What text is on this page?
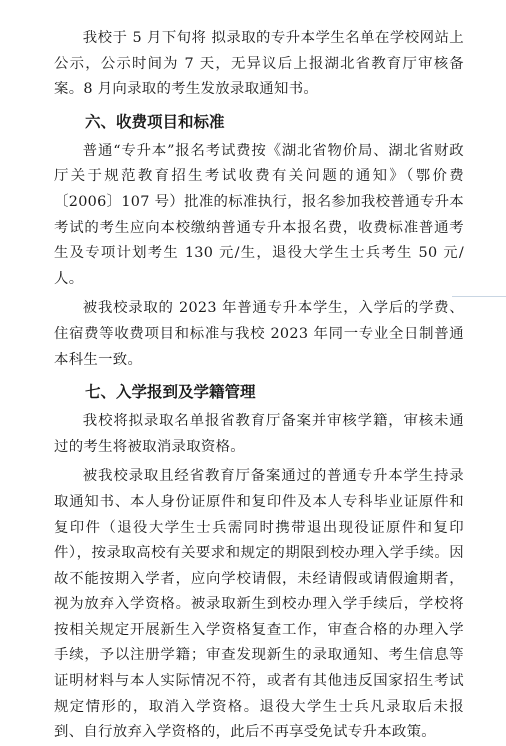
我校于 5 月下旬将 拟录取的专升本学生名单在学校网站上公示，公示时间为 7 天，无异议后上报湖北省教育厅审核备案。8 月向录取的考生发放录取通知书。

六、收费项目和标准

普通“专升本”报名考试费按《湖北省物价局、湖北省财政厅关于规范教育招生考试收费有关问题的通知》（鄂价费〔2006〕107 号）批准的标准执行，报名参加我校普通专升本考试的考生应向本校缴纳普通专升本报名费，收费标准普通考生及专项计划考生 130 元/生，退役大学生士兵考生 50 元/人。

被我校录取的 2023 年普通专升本学生，入学后的学费、住宿费等收费项目和标准与我校 2023 年同一专业全日制普通本科生一致。

七、入学报到及学籍管理

我校将拟录取名单报省教育厅备案并审核学籍，审核未通过的考生将被取消录取资格。

被我校录取且经省教育厅备案通过的普通专升本学生持录取通知书、本人身份证原件和复印件及本人专科毕业证原件和复印件（退役大学生士兵需同时携带退出现役证原件和复印件），按录取高校有关要求和规定的期限到校办理入学手续。因故不能按期入学者，应向学校请假，未经请假或请假逾期者，视为放弃入学资格。被录取新生到校办理入学手续后，学校将按相关规定开展新生入学资格复查工作，审查合格的办理入学手续，予以注册学籍；审查发现新生的录取通知、考生信息等证明材料与本人实际情况不符，或者有其他违反国家招生考试规定情形的，取消入学资格。退役大学生士兵凡录取后未报到、自行放弃入学资格的，此后不再享受免试专升本政策。
